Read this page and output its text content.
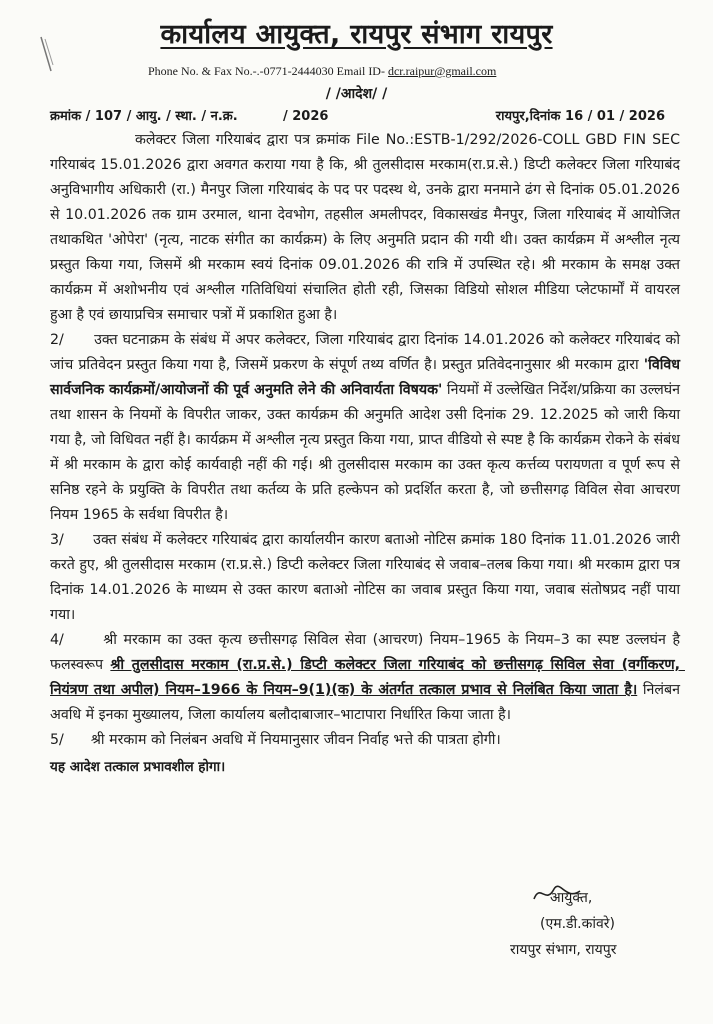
कार्यालय आयुक्त, रायपुर संभाग रायपुर
Phone No. & Fax No.-.-0771-2444030 Email ID- dcr.raipur@gmail.com
/ /आदेश/ /
क्रमांक / 107 / आयु. / स्था. / न.क्र.          / 2026	रायपुर,दिनांक 16 / 01 / 2026

कलेक्टर जिला गरियाबंद द्वारा पत्र क्रमांक File No.:ESTB-1/292/2026-COLL GBD FIN SEC गरियाबंद 15.01.2026 द्वारा अवगत कराया गया है कि, श्री तुलसीदास मरकाम(रा.प्र.से.) डिप्टी कलेक्टर जिला गरियाबंद अनुविभागीय अधिकारी (रा.) मैनपुर जिला गरियाबंद के पद पर पदस्थ थे, उनके द्वारा मनमाने ढंग से दिनांक 05.01.2026 से 10.01.2026 तक ग्राम उरमाल, थाना देवभोग, तहसील अमलीपदर, विकासखंड मैनपुर, जिला गरियाबंद में आयोजित तथाकथित 'ओपेरा' (नृत्य, नाटक संगीत का कार्यक्रम) के लिए अनुमति प्रदान की गयी थी। उक्त कार्यक्रम में अश्लील नृत्य प्रस्तुत किया गया, जिसमें श्री मरकाम स्वयं दिनांक 09.01.2026 की रात्रि में उपस्थित रहे। श्री मरकाम के समक्ष उक्त कार्यक्रम में अशोभनीय एवं अश्लील गतिविधियां संचालित होती रही, जिसका विडियो सोशल मीडिया प्लेटफार्मों में वायरल हुआ है एवं छायाप्रचित्र समाचार पत्रों में प्रकाशित हुआ है।

2/      उक्त घटनाक्रम के संबंध में अपर कलेक्टर, जिला गरियाबंद द्वारा दिनांक 14.01.2026 को कलेक्टर गरियाबंद को जांच प्रतिवेदन प्रस्तुत किया गया है, जिसमें प्रकरण के संपूर्ण तथ्य वर्णित है। प्रस्तुत प्रतिवेदनानुसार श्री मरकाम द्वारा 'विविध सार्वजनिक कार्यक्रमों/आयोजनों की पूर्व अनुमति लेने की अनिवार्यता विषयक' नियमों में उल्लेखित निर्देश/प्रक्रिया का उल्लघंन तथा शासन के नियमों के विपरीत जाकर, उक्त कार्यक्रम की अनुमति आदेश उसी दिनांक 29. 12.2025 को जारी किया गया है, जो विधिवत नहीं है। कार्यक्रम में अश्लील नृत्य प्रस्तुत किया गया, प्राप्त वीडियो से स्पष्ट है कि कार्यक्रम रोकने के संबंध में श्री मरकाम के द्वारा कोई कार्यवाही नहीं की गई। श्री तुलसीदास मरकाम का उक्त कृत्य कर्त्तव्य परायणता व पूर्ण रूप से सनिष्ठ रहने के प्रयुक्ति के विपरीत तथा कर्तव्य के प्रति हल्केपन को प्रदर्शित करता है, जो छत्तीसगढ़ विविल सेवा आचरण नियम 1965 के सर्वथा विपरीत है।

3/      उक्त संबंध में कलेक्टर गरियाबंद द्वारा कार्यालयीन कारण बताओ नोटिस क्रमांक 180 दिनांक 11.01.2026 जारी करते हुए, श्री तुलसीदास मरकाम (रा.प्र.से.) डिप्टी कलेक्टर जिला गरियाबंद से जवाब–तलब किया गया। श्री मरकाम द्वारा पत्र दिनांक 14.01.2026 के माध्यम से उक्त कारण बताओ नोटिस का जवाब प्रस्तुत किया गया, जवाब संतोषप्रद नहीं पाया गया।

4/      श्री मरकाम का उक्त कृत्य छत्तीसगढ़ सिविल सेवा (आचरण) नियम–1965 के नियम–3 का स्पष्ट उल्लघंन है फलस्वरूप श्री तुलसीदास मरकाम (रा.प्र.से.) डिप्टी कलेक्टर जिला गरियाबंद को छत्तीसगढ़ सिविल सेवा (वर्गीकरण, नियंत्रण तथा अपील) नियम–1966 के नियम–9(1)(क) के अंतर्गत तत्काल प्रभाव से निलंबित किया जाता है। निलंबन अवधि में इनका मुख्यालय, जिला कार्यालय बलौदाबाजार–भाटापारा निर्धारित किया जाता है।

5/      श्री मरकाम को निलंबन अवधि में नियमानुसार जीवन निर्वाह भत्ते की पात्रता होगी।

यह आदेश तत्काल प्रभावशील होगा।

आयुक्त,
(एम.डी.कांवरे)
रायपुर संभाग, रायपुर
